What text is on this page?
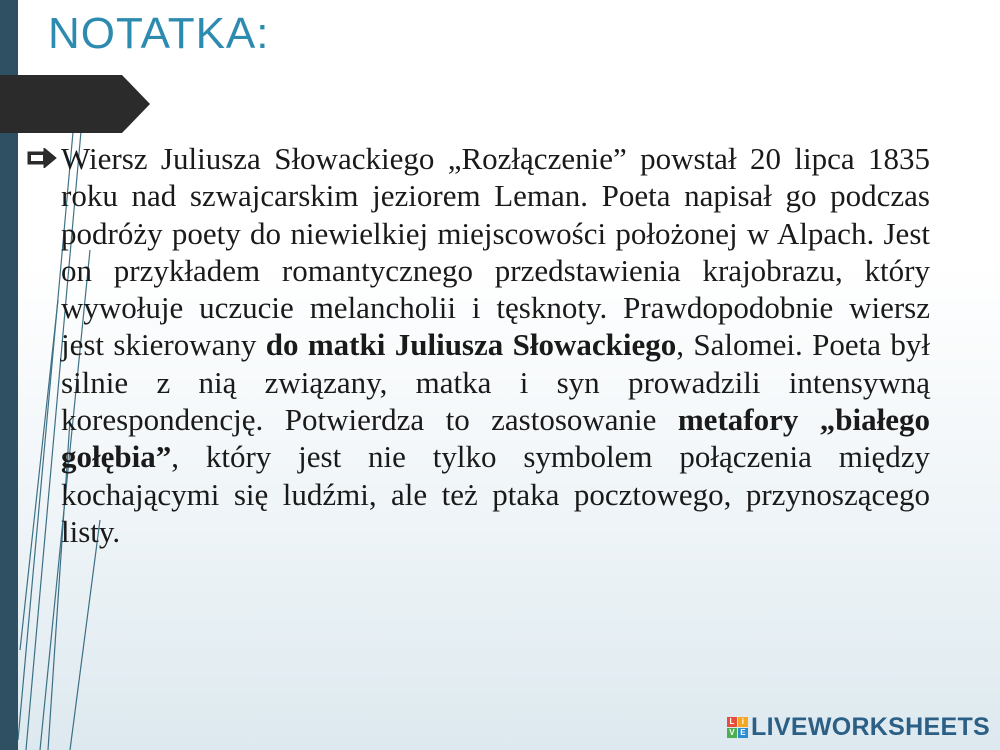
NOTATKA:

Wiersz Juliusza Słowackiego „Rozłączenie” powstał 20 lipca 1835 roku nad szwajcarskim jeziorem Leman. Poeta napisał go podczas podróży poety do niewielkiej miejscowości położonej w Alpach. Jest on przykładem romantycznego przedstawienia krajobrazu, który wywołuje uczucie melancholii i tęsknoty. Prawdopodobnie wiersz jest skierowany do matki Juliusza Słowackiego, Salomei. Poeta był silnie z nią związany, matka i syn prowadzili intensywną korespondencję. Potwierdza to zastosowanie metafory „białego gołębia”, który jest nie tylko symbolem połączenia między kochającymi się ludźmi, ale też ptaka pocztowego, przynoszącego listy.

L i
V E LIVEWORKSHEETS
